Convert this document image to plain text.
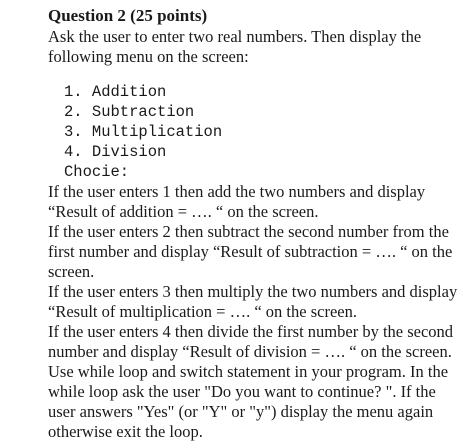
Question 2 (25 points)
Ask the user to enter two real numbers. Then display the
following menu on the screen:
1. Addition
2. Subtraction
3. Multiplication
4. Division
Chocie:
If the user enters 1 then add the two numbers and display
“Result of addition = …. “ on the screen.
If the user enters 2 then subtract the second number from the
first number and display “Result of subtraction = …. “ on the
screen.
If the user enters 3 then multiply the two numbers and display
“Result of multiplication = …. “ on the screen.
If the user enters 4 then divide the first number by the second
number and display “Result of division = …. “ on the screen.
Use while loop and switch statement in your program. In the
while loop ask the user "Do you want to continue? ". If the
user answers "Yes" (or "Y" or "y") display the menu again
otherwise exit the loop.
